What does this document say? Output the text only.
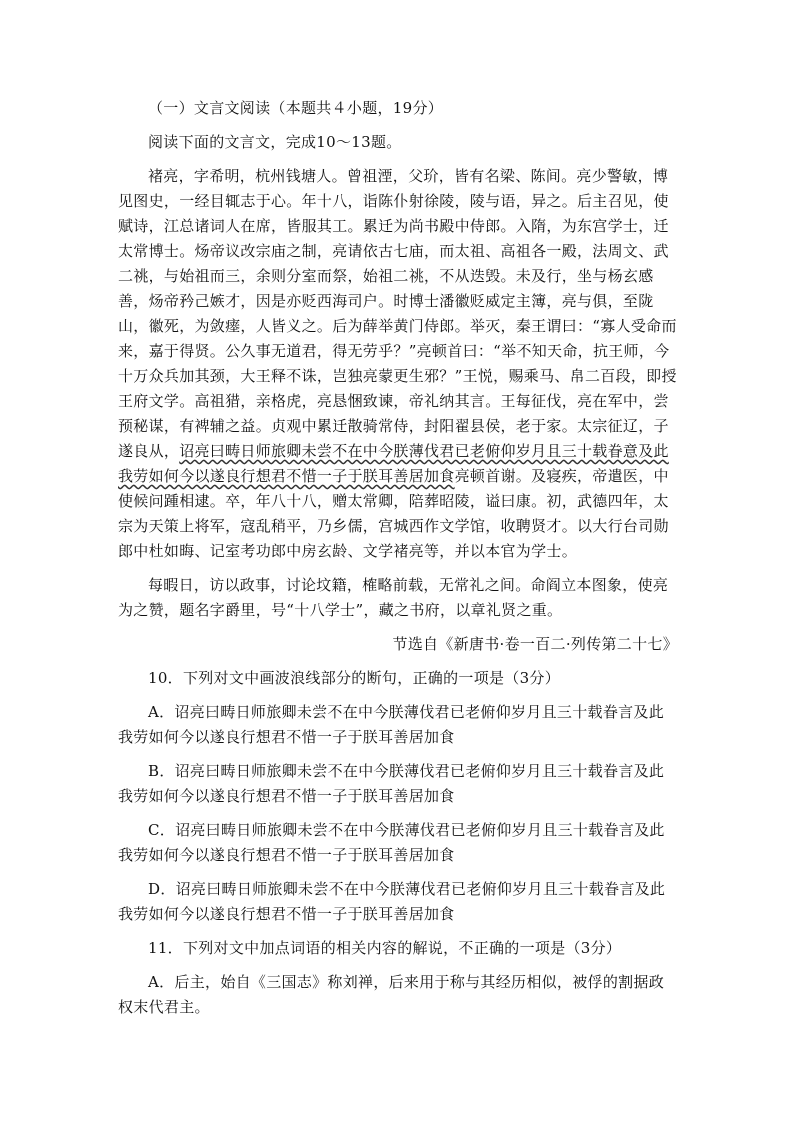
（一）文言文阅读（本题共４小题，19分）

阅读下面的文言文，完成10～13题。

褚亮，字希明，杭州钱塘人。曾祖湮，父玠，皆有名梁、陈间。亮少警敏，博见图史，一经目辄志于心。年十八，诣陈仆射徐陵，陵与语，异之。后主召见，使赋诗，江总诸词人在席，皆服其工。累迁为尚书殿中侍郎。入隋，为东宫学士，迁太常博士。炀帝议改宗庙之制，亮请依古七庙，而太祖、高祖各一殿，法周文、武二祧，与始祖而三，余则分室而祭，始祖二祧，不从迭毁。未及行，坐与杨玄感善，炀帝矜己嫉才，因是亦贬西海司户。时博士潘徽贬威定主簿，亮与俱，至陇山，徽死，为敛瘗，人皆义之。后为薛举黄门侍郎。举灭，秦王谓曰：“寡人受命而来，嘉于得贤。公久事无道君，得无劳乎？”亮顿首曰：“举不知天命，抗王师，今十万众兵加其颈，大王释不诛，岂独亮蒙更生邪？”王悦，赐乘马、帛二百段，即授王府文学。高祖猎，亲格虎，亮恳悃致谏，帝礼纳其言。王每征伐，亮在军中，尝预秘谋，有裨辅之益。贞观中累迁散骑常侍，封阳翟县侯，老于家。太宗征辽，子遂良从，诏亮曰畴日师旅卿未尝不在中今朕薄伐君已老俯仰岁月且三十载眷意及此我劳如何今以遂良行想君不惜一子于朕耳善居加食亮顿首谢。及寝疾，帝遣医，中使候问踵相逮。卒，年八十八，赠太常卿，陪葬昭陵，谥曰康。初，武德四年，太宗为天策上将军，寇乱稍平，乃乡儒，宫城西作文学馆，收聘贤才。以大行台司勋郎中杜如晦、记室考功郎中房玄龄、文学褚亮等，并以本官为学士。

每暇日，访以政事，讨论坟籍，榷略前载，无常礼之间。命阎立本图象，使亮为之赞，题名字爵里，号“十八学士”，藏之书府，以章礼贤之重。

节选自《新唐书·卷一百二·列传第二十七》

10．下列对文中画波浪线部分的断句，正确的一项是（3分）

A．诏亮曰畴日师旅卿未尝不在中今朕薄伐君已老俯仰岁月且三十载眷言及此我劳如何今以遂良行想君不惜一子于朕耳善居加食

B．诏亮曰畴日师旅卿未尝不在中今朕薄伐君已老俯仰岁月且三十载眷言及此我劳如何今以遂良行想君不惜一子于朕耳善居加食

C．诏亮曰畴日师旅卿未尝不在中今朕薄伐君已老俯仰岁月且三十载眷言及此我劳如何今以遂良行想君不惜一子于朕耳善居加食

D．诏亮曰畴日师旅卿未尝不在中今朕薄伐君已老俯仰岁月且三十载眷言及此我劳如何今以遂良行想君不惜一子于朕耳善居加食

11．下列对文中加点词语的相关内容的解说，不正确的一项是（3分）

A．后主，始自《三国志》称刘禅，后来用于称与其经历相似，被俘的割据政权末代君主。
